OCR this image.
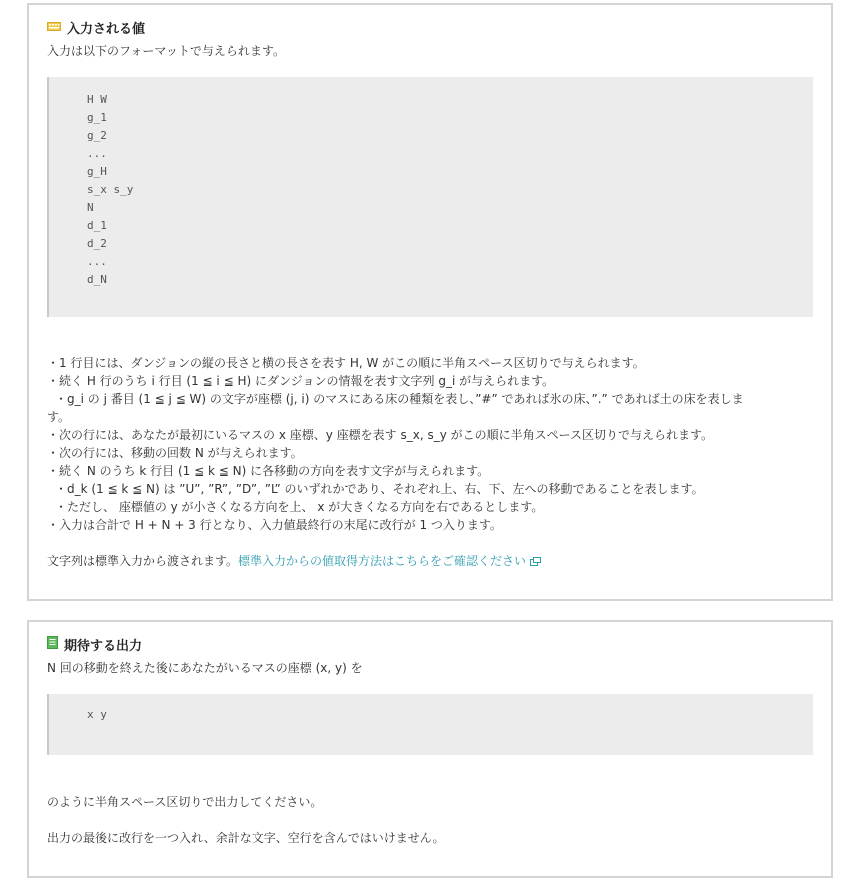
入力される値
入力は以下のフォーマットで与えられます。
H W
g_1
g_2
...
g_H
s_x s_y
N
d_1
d_2
...
d_N
・1 行目には、ダンジョンの縦の長さと横の長さを表す H, W がこの順に半角スペース区切りで与えられます。
・続く H 行のうち i 行目 (1 ≦ i ≦ H) にダンジョンの情報を表す文字列 g_i が与えられます。
・g_i の j 番目 (1 ≦ j ≦ W) の文字が座標 (j, i) のマスにある床の種類を表し、”#” であれば氷の床、”.” であれば土の床を表しま
す。
・次の行には、あなたが最初にいるマスの x 座標、y 座標を表す s_x, s_y がこの順に半角スペース区切りで与えられます。
・次の行には、移動の回数 N が与えられます。
・続く N のうち k 行目 (1 ≦ k ≦ N) に各移動の方向を表す文字が与えられます。
・d_k (1 ≦ k ≦ N) は ”U”, ”R”, ”D”, ”L” のいずれかであり、それぞれ上、右、下、左への移動であることを表します。
・ただし、 座標値の y が小さくなる方向を上、 x が大きくなる方向を右であるとします。
・入力は合計で H + N + 3 行となり、入力値最終行の末尾に改行が 1 つ入ります。
文字列は標準入力から渡されます。標準入力からの値取得方法はこちらをご確認ください
期待する出力
N 回の移動を終えた後にあなたがいるマスの座標 (x, y) を
x y
のように半角スペース区切りで出力してください。
出力の最後に改行を一つ入れ、余計な文字、空行を含んではいけません。
